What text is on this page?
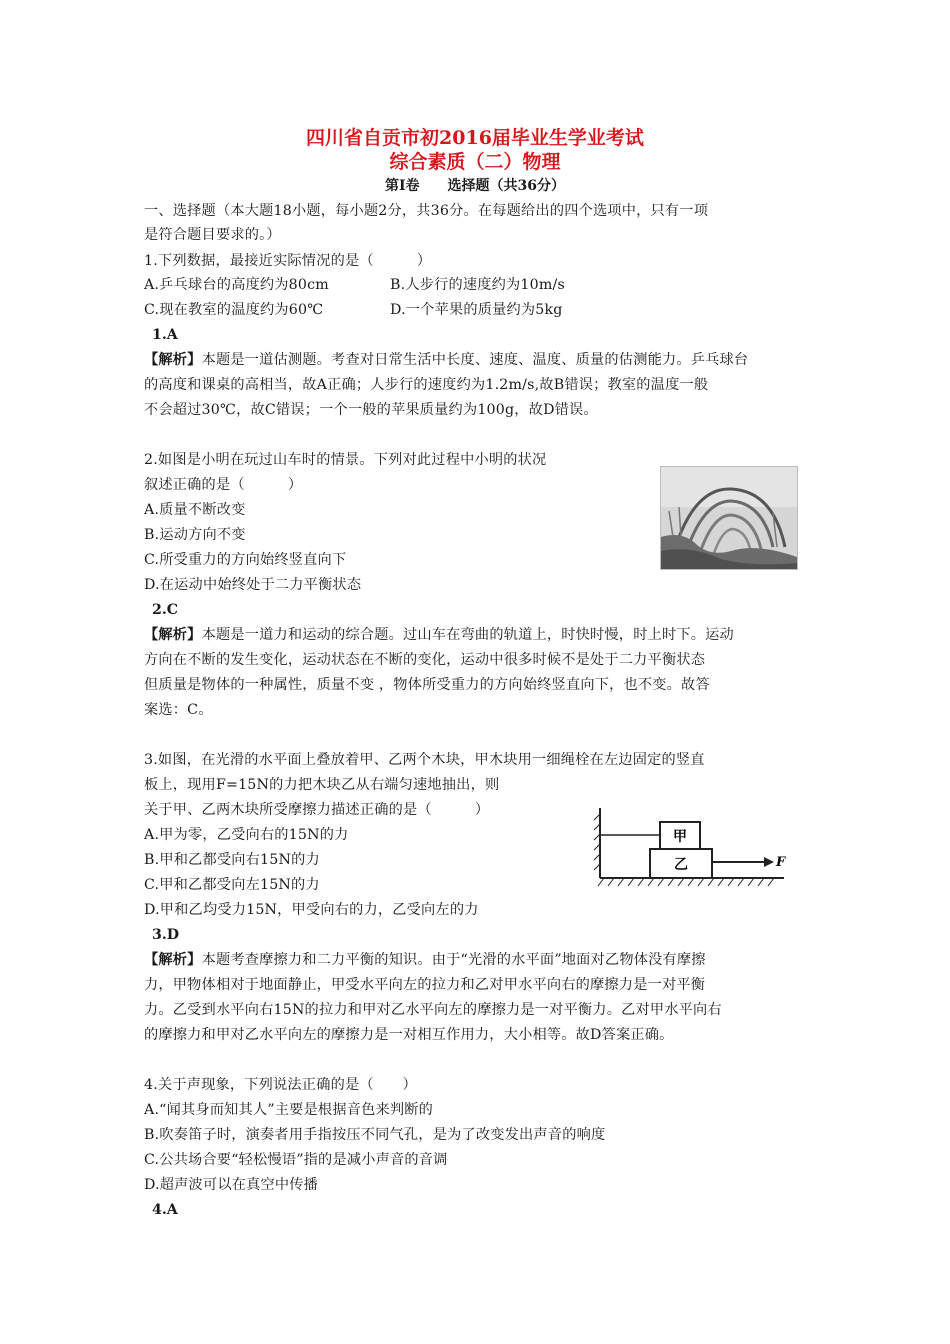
四川省自贡市初2016届毕业生学业考试
综合素质（二）物理
第Ⅰ卷　　选择题（共36分）
一、选择题（本大题18小题，每小题2分，共36分。在每题给出的四个选项中，只有一项
是符合题目要求的。）
1.下列数据，最接近实际情况的是（　　　）
A.乒乓球台的高度约为80cm	B.人步行的速度约为10m/s
C.现在教室的温度约为60℃	D.一个苹果的质量约为5kg
1.A
【解析】本题是一道估测题。考查对日常生活中长度、速度、温度、质量的估测能力。乒乓球台
的高度和课桌的高相当，故A正确；人步行的速度约为1.2m/s,故B错误；教室的温度一般
不会超过30℃，故C错误；一个一般的苹果质量约为100g，故D错误。
2.如图是小明在玩过山车时的情景。下列对此过程中小明的状况
叙述正确的是（　　　）
A.质量不断改变
B.运动方向不变
C.所受重力的方向始终竖直向下
D.在运动中始终处于二力平衡状态
2.C
【解析】本题是一道力和运动的综合题。过山车在弯曲的轨道上，时快时慢，时上时下。运动
方向在不断的发生变化，运动状态在不断的变化，运动中很多时候不是处于二力平衡状态
但质量是物体的一种属性，质量不变 ，物体所受重力的方向始终竖直向下，也不变。故答
案选：C。
3.如图，在光滑的水平面上叠放着甲、乙两个木块，甲木块用一细绳栓在左边固定的竖直
板上，现用F=15N的力把木块乙从右端匀速地抽出，则
关于甲、乙两木块所受摩擦力描述正确的是（　　　）
A.甲为零，乙受向右的15N的力
B.甲和乙都受向右15N的力
C.甲和乙都受向左15N的力
D.甲和乙均受力15N，甲受向右的力，乙受向左的力
甲
乙	F
3.D
【解析】本题考查摩擦力和二力平衡的知识。由于“光滑的水平面”地面对乙物体没有摩擦
力，甲物体相对于地面静止，甲受水平向左的拉力和乙对甲水平向右的摩擦力是一对平衡
力。乙受到水平向右15N的拉力和甲对乙水平向左的摩擦力是一对平衡力。乙对甲水平向右
的摩擦力和甲对乙水平向左的摩擦力是一对相互作用力，大小相等。故D答案正确。
4.关于声现象，下列说法正确的是（　　）
A.“闻其身而知其人”主要是根据音色来判断的
B.吹奏笛子时，演奏者用手指按压不同气孔，是为了改变发出声音的响度
C.公共场合要“轻松慢语”指的是减小声音的音调
D.超声波可以在真空中传播
4.A
